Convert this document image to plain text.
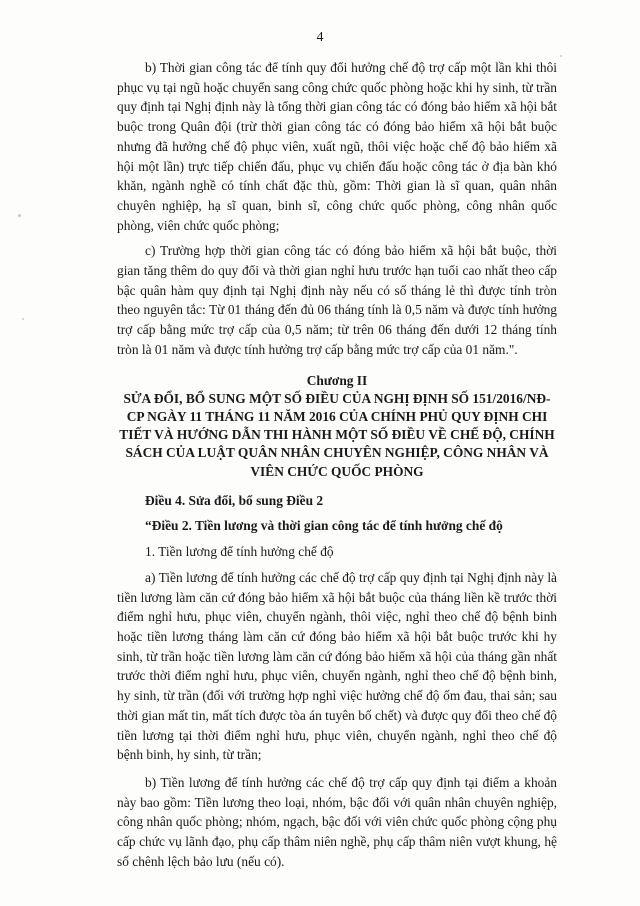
4

b) Thời gian công tác để tính quy đổi hưởng chế độ trợ cấp một lần khi thôi phục vụ tại ngũ hoặc chuyển sang công chức quốc phòng hoặc khi hy sinh, từ trần quy định tại Nghị định này là tổng thời gian công tác có đóng bảo hiểm xã hội bắt buộc trong Quân đội (trừ thời gian công tác có đóng bảo hiểm xã hội bắt buộc nhưng đã hưởng chế độ phục viên, xuất ngũ, thôi việc hoặc chế độ bảo hiểm xã hội một lần) trực tiếp chiến đấu, phục vụ chiến đấu hoặc công tác ở địa bàn khó khăn, ngành nghề có tính chất đặc thù, gồm: Thời gian là sĩ quan, quân nhân chuyên nghiệp, hạ sĩ quan, binh sĩ, công chức quốc phòng, công nhân quốc phòng, viên chức quốc phòng;

c) Trường hợp thời gian công tác có đóng bảo hiểm xã hội bắt buộc, thời gian tăng thêm do quy đổi và thời gian nghỉ hưu trước hạn tuổi cao nhất theo cấp bậc quân hàm quy định tại Nghị định này nếu có số tháng lẻ thì được tính tròn theo nguyên tắc: Từ 01 tháng đến đủ 06 tháng tính là 0,5 năm và được tính hưởng trợ cấp bằng mức trợ cấp của 0,5 năm; từ trên 06 tháng đến dưới 12 tháng tính tròn là 01 năm và được tính hưởng trợ cấp bằng mức trợ cấp của 01 năm.".

Chương II
SỬA ĐỔI, BỔ SUNG MỘT SỐ ĐIỀU CỦA NGHỊ ĐỊNH SỐ 151/2016/NĐ-CP NGÀY 11 THÁNG 11 NĂM 2016 CỦA CHÍNH PHỦ QUY ĐỊNH CHI TIẾT VÀ HƯỚNG DẪN THI HÀNH MỘT SỐ ĐIỀU VỀ CHẾ ĐỘ, CHÍNH SÁCH CỦA LUẬT QUÂN NHÂN CHUYÊN NGHIỆP, CÔNG NHÂN VÀ VIÊN CHỨC QUỐC PHÒNG

Điều 4. Sửa đổi, bổ sung Điều 2

“Điều 2. Tiền lương và thời gian công tác để tính hưởng chế độ

1. Tiền lương để tính hưởng chế độ

a) Tiền lương để tính hưởng các chế độ trợ cấp quy định tại Nghị định này là tiền lương làm căn cứ đóng bảo hiểm xã hội bắt buộc của tháng liền kề trước thời điểm nghỉ hưu, phục viên, chuyển ngành, thôi việc, nghỉ theo chế độ bệnh binh hoặc tiền lương tháng làm căn cứ đóng bảo hiểm xã hội bắt buộc trước khi hy sinh, từ trần hoặc tiền lương làm căn cứ đóng bảo hiểm xã hội của tháng gần nhất trước thời điểm nghỉ hưu, phục viên, chuyển ngành, nghỉ theo chế độ bệnh binh, hy sinh, từ trần (đối với trường hợp nghỉ việc hưởng chế độ ốm đau, thai sản; sau thời gian mất tin, mất tích được tòa án tuyên bố chết) và được quy đổi theo chế độ tiền lương tại thời điểm nghỉ hưu, phục viên, chuyển ngành, nghỉ theo chế độ bệnh binh, hy sinh, từ trần;

b) Tiền lương để tính hưởng các chế độ trợ cấp quy định tại điểm a khoản này bao gồm: Tiền lương theo loại, nhóm, bậc đối với quân nhân chuyên nghiệp, công nhân quốc phòng; nhóm, ngạch, bậc đối với viên chức quốc phòng cộng phụ cấp chức vụ lãnh đạo, phụ cấp thâm niên nghề, phụ cấp thâm niên vượt khung, hệ số chênh lệch bảo lưu (nếu có).
